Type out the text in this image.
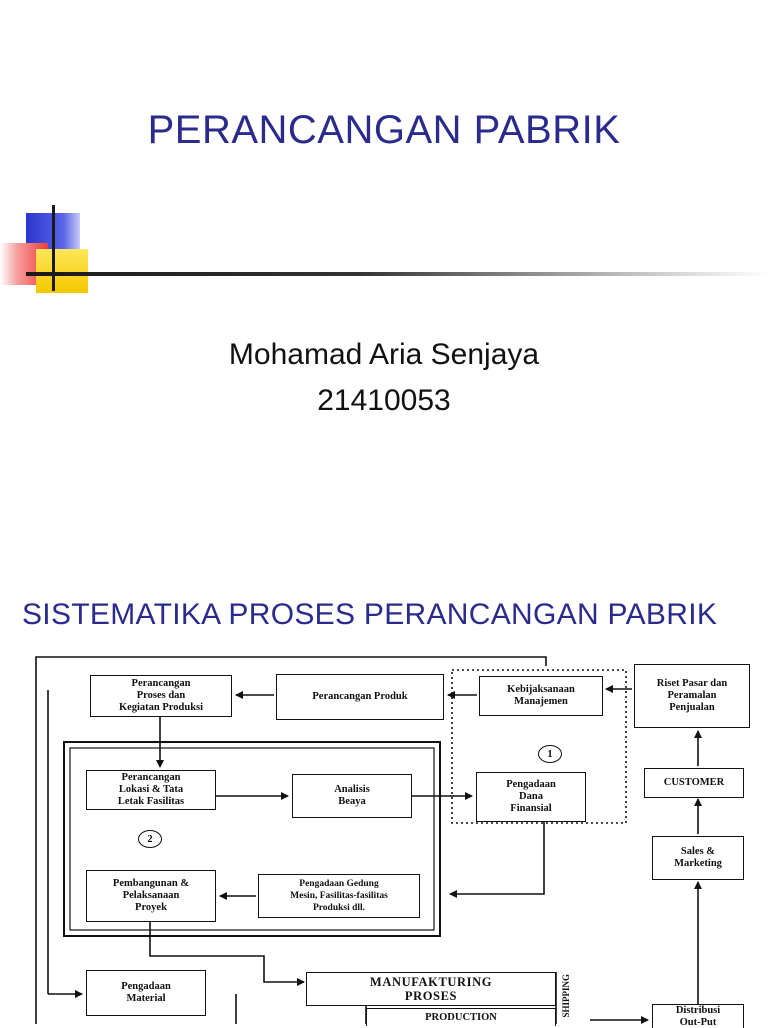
PERANCANGAN PABRIK
Mohamad Aria Senjaya
21410053
SISTEMATIKA PROSES PERANCANGAN PABRIK
Perancangan
Proses dan
Kegiatan Produksi
Perancangan Produk
Kebijaksanaan
Manajemen
Riset Pasar dan
Peramalan
Penjualan
1
Perancangan
Lokasi & Tata
Letak Fasilitas
Analisis
Beaya
Pengadaan
Dana
Finansial
CUSTOMER
2
Sales &
Marketing
Pembangunan &
Pelaksanaan
Proyek
Pengadaan Gedung
Mesin, Fasilitas-fasilitas
Produksi dll.
Pengadaan
Material
MANUFAKTURING
PROSES
PRODUCTION	SHIPPING	Distribusi
Out-Put
